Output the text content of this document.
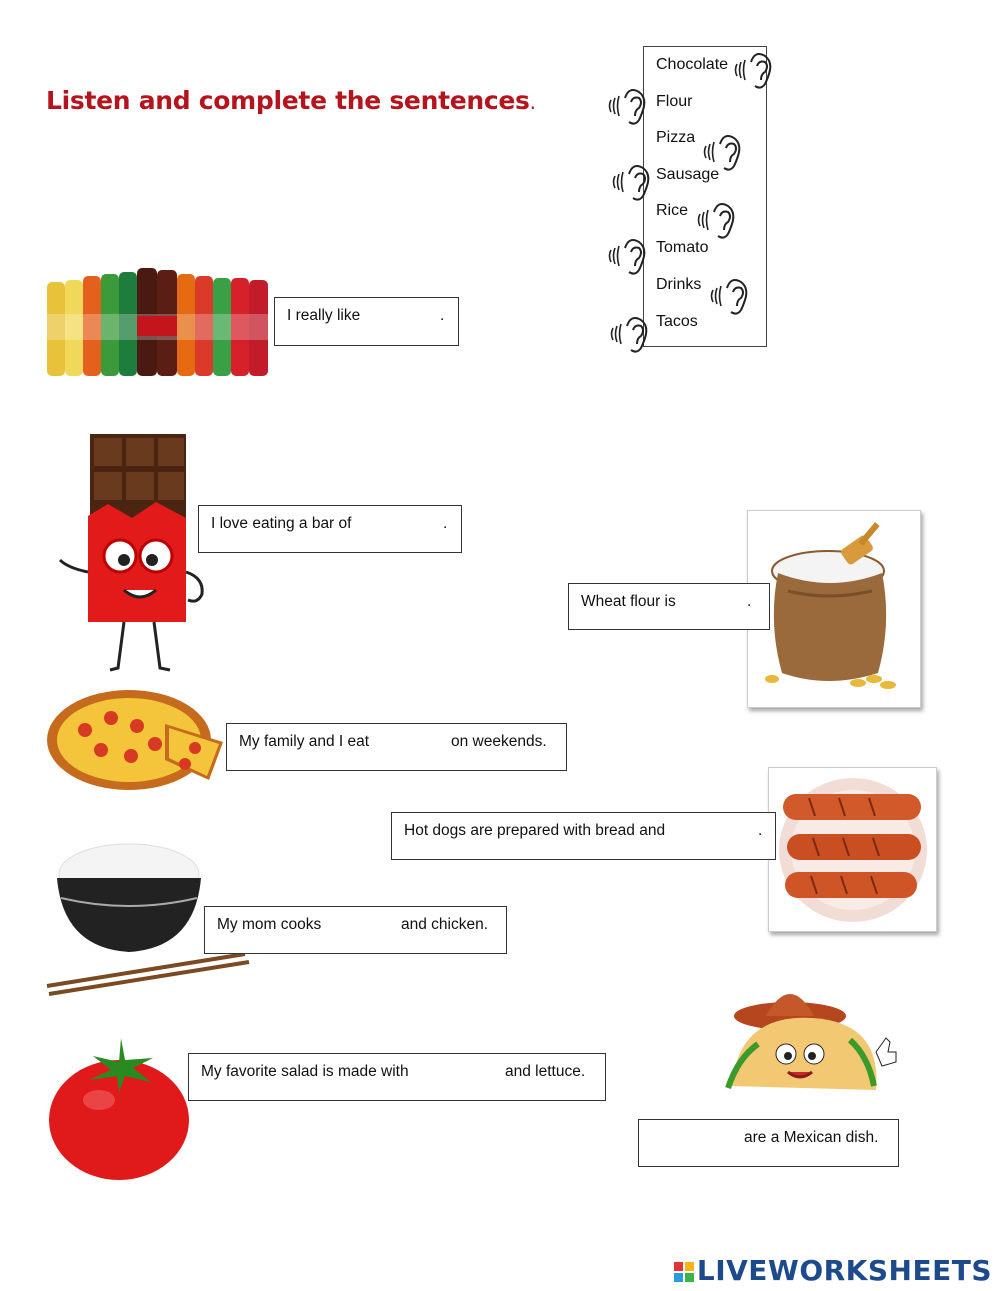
Listen and complete the sentences.
Chocolate
Flour
Pizza
Sausage
Rice
Tomato
Drinks
Tacos
I really like	.
I love eating a bar of	.
Wheat flour is	.
My family and I eat	on weekends.
Hot dogs are prepared with bread and	.
My mom cooks	and chicken.
My favorite salad is made with	and lettuce.
are a Mexican dish.
LIVEWORKSHEETS
